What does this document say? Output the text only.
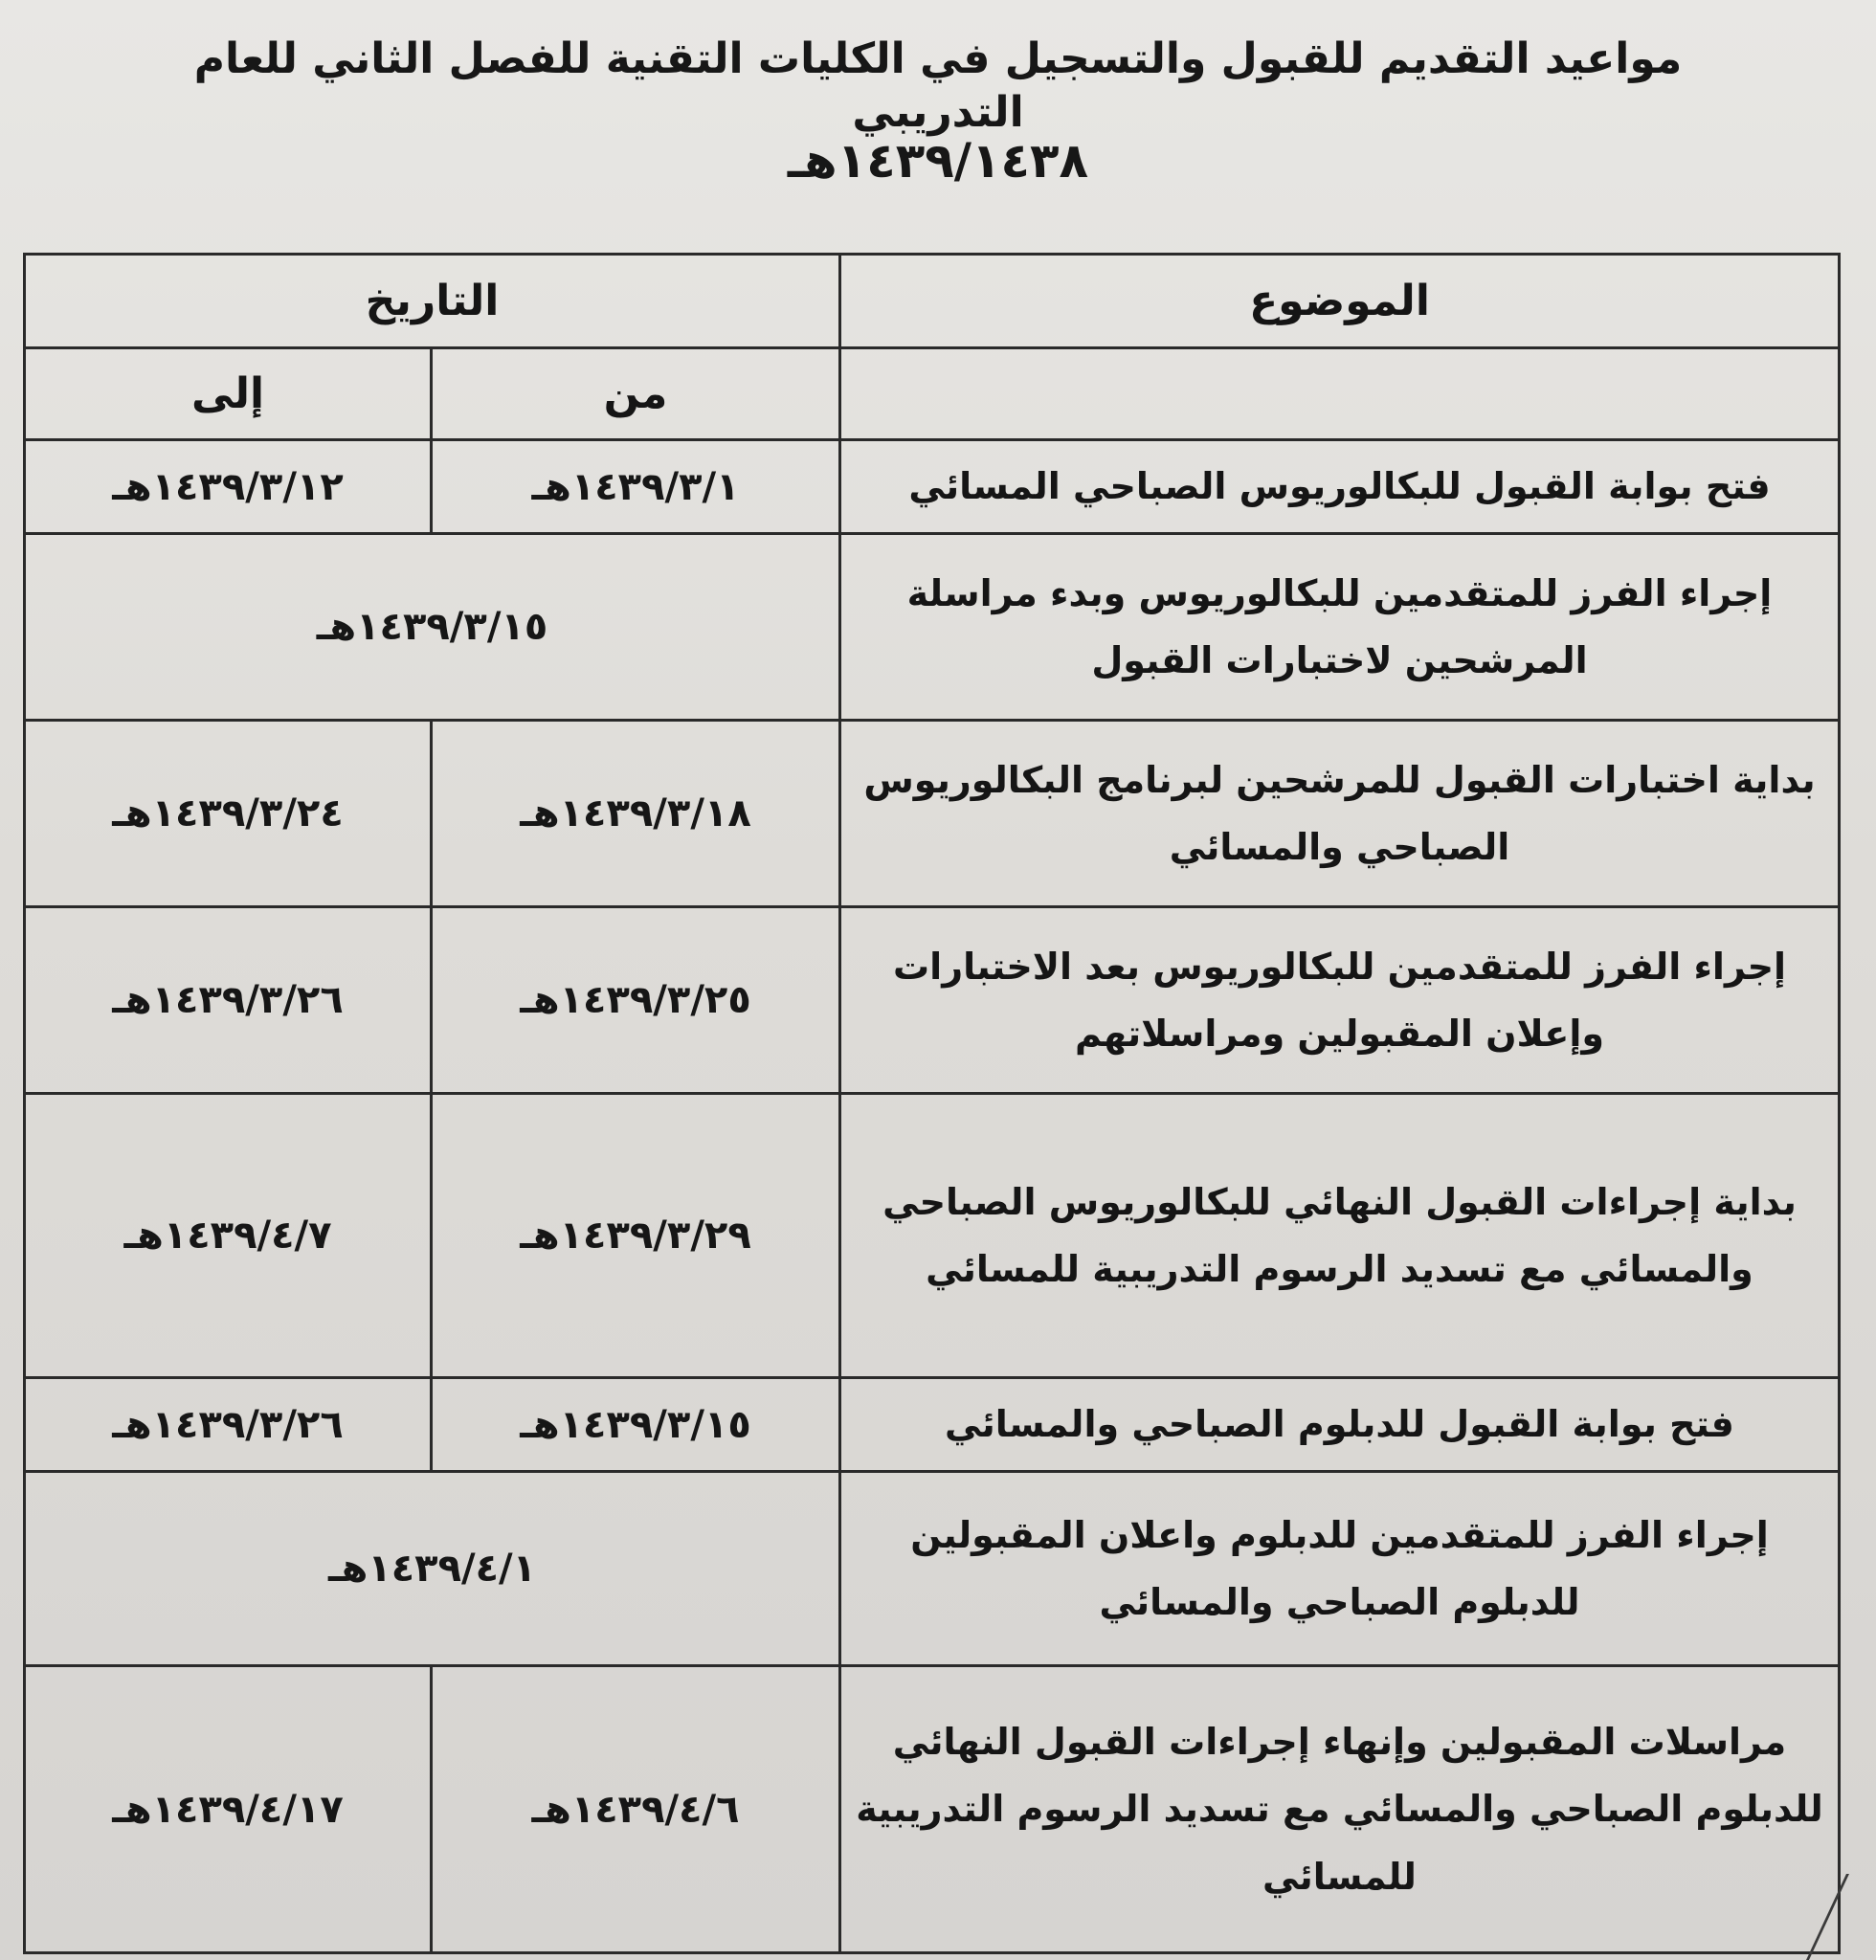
مواعيد التقديم للقبول والتسجيل في الكليات التقنية للفصل الثاني للعام التدريبي
١٤٣٩/١٤٣٨هـ
الموضوع	التاريخ	
	من	إلى
فتح بوابة القبول للبكالوريوس الصباحي المسائي	١٤٣٩/٣/١هـ	١٤٣٩/٣/١٢هـ
إجراء الفرز للمتقدمين للبكالوريوس وبدء مراسلة المرشحين لاختبارات القبول	١٤٣٩/٣/١٥هـ	
بداية اختبارات القبول للمرشحين لبرنامج البكالوريوس الصباحي والمسائي	١٤٣٩/٣/١٨هـ	١٤٣٩/٣/٢٤هـ
إجراء الفرز للمتقدمين للبكالوريوس بعد الاختبارات وإعلان المقبولين ومراسلاتهم	١٤٣٩/٣/٢٥هـ	١٤٣٩/٣/٢٦هـ
بداية إجراءات القبول النهائي للبكالوريوس الصباحي والمسائي مع تسديد الرسوم التدريبية للمسائي	١٤٣٩/٣/٢٩هـ	١٤٣٩/٤/٧هـ
فتح بوابة القبول للدبلوم الصباحي والمسائي	١٤٣٩/٣/١٥هـ	١٤٣٩/٣/٢٦هـ
إجراء الفرز للمتقدمين للدبلوم واعلان المقبولين للدبلوم الصباحي والمسائي	١٤٣٩/٤/١هـ	
مراسلات المقبولين وإنهاء إجراءات القبول النهائي للدبلوم الصباحي والمسائي مع تسديد الرسوم التدريبية للمسائي	١٤٣٩/٤/٦هـ	١٤٣٩/٤/١٧هـ
